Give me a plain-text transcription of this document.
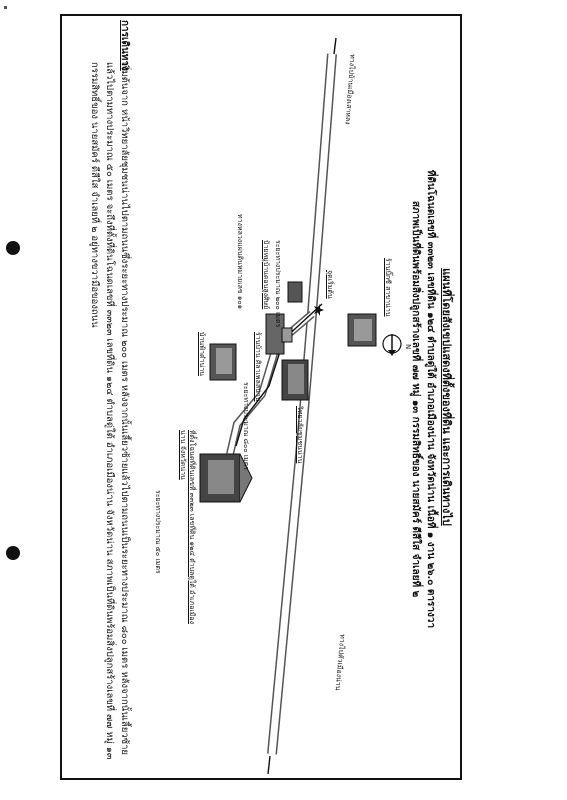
แผนที่โดยสังเขปแสดงที่ตั้งของที่ดิน และการเดินทางไป
ที่ดินโฉนดเลขที่ ๓๓๒๓ เลขที่ดิน ๑๒๔ ตำบลดู่ใต้ อำเภอเมืองน่าน จังหวัดน่าน เนื้อที่ ๑ งาน ๒๖.๐ ตารางวา
สภาพเป็นที่ดินพร้อมสิ่งปลูกสร้างเลขที่ ๗๗ หมู่ ๑๓ กรรมสิทธิ์ของ นายสมัคร์ ดีสีใส จำเลยที่ ๒
N
ทางไปตัวเมืองน่าน
ทางไปบ้านเมืองเสาหลง
ร้านบิ๊กซี สาขาน่าน
วิทยาลัยชุมชนน่าน
ร้านบ้าน ศิลาเพลสน่าน
จุดเริ่มต้น
ระยะทางประมาณ ๒๐๐ เมตร
ป้ายหมู่บ้านดอนสูงศิษย์
ทางหลวงแผ่นดินหมายเลข ๑๐๑
บ้านฟ้าดำน่าน
ระยะทางประมาณ ๘๐๐ เมตร
ที่ตั้งโฉนดที่ดินเลขที่ ๓๓๒๓ เลขที่ดิน ๑๒๔ ตำบลดู่ใต้ อำเภอเมืองน่าน จังหวัดน่าน
ระยะทางประมาณ ๕๐ เมตร
การเดินทาง
เริ่มต้นจาก หน้าวิทยาลัยชุมชนน่านไปตามถนนซึ่งระยะทางประมาณ ๒๐๐ เมตร หลังจากนั้นเลี้ยวซ้ายแล้วไปตามถนนเป็นระยะทางประมาณ ๘๐๐ เมตร หลังจากนั้นเลี้ยวซ้ายแล้วไปตามทางประมาณ ๕๐ เมตร จะถึงที่ตั้งที่ดินโฉนดเลขที่ ๓๓๒๓ เลขที่ดิน ๑๒๔ ตำบลดู่ใต้ อำเภอเมืองน่าน จังหวัดน่าน สภาพเป็นที่ดินพร้อมสิ่งปลูกสร้างเลขที่ ๗๗ หมู่ ๑๓ กรรมสิทธิ์ของ นายสมัคร์ ดีสีใส จำเลยที่ ๒ อยู่ทางขวามือของถนน
